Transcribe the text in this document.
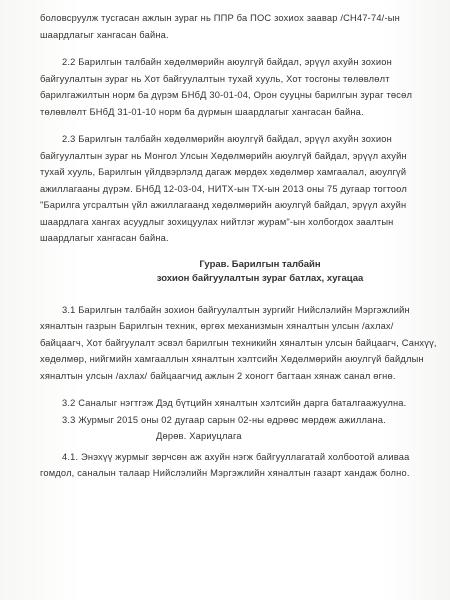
боловсруулж тусгасан ажлын зураг нь ППР ба ПОС зохиох заавар /СН47-74/-ын
шаардлагыг хангасан байна.
2.2 Барилгын талбайн хөдөлмөрийн аюулгүй байдал, эрүүл ахуйн зохион
байгуулалтын зураг нь Хот байгуулалтын тухай хууль, Хот тосгоны төлөвлөлт
барилгажилтын норм ба дүрэм БНбД 30-01-04, Орон сууцны барилгын зураг төсөл
төлөвлөлт БНбД 31-01-10 норм ба дүрмын шаардлагыг хангасан байна.
2.3 Барилгын талбайн хөдөлмөрийн аюулгүй байдал, эрүүл ахуйн зохион
байгуулалтын зураг нь Монгол Улсын Хөдөлмөрийн аюулгүй байдал, эрүүл ахуйн
тухай хууль, Барилгын үйлдвэрлэлд дагаж мөрдөх хөдөлмөр хамгаалал, аюулгүй
ажиллагааны дүрэм. БНбД 12-03-04, НИТХ-ын ТХ-ын 2013 оны 75 дугаар тогтоол
"Барилга угсралтын үйл ажиллагаанд хөдөлмөрийн аюулгүй байдал, эрүүл ахуйн
шаардлага хангах асуудлыг зохицуулах нийтлэг журам"-ын холбогдох заалтын
шаардлагыг хангасан байна.
Гурав. Барилгын талбайн
зохион байгуулалтын зураг батлах, хугацаа
3.1 Барилгын талбайн зохион байгуулалтын зургийг Нийслэлийн Мэргэжлийн
хяналтын газрын Барилгын техник, өргөх механизмын хяналтын улсын /ахлах/
байцаагч, Хот байгуулалт эсвэл барилгын техникийн хяналтын улсын байцаагч, Санхүү,
хөдөлмөр, нийгмийн хамгааллын хяналтын хэлтсийн Хөдөлмөрийн аюулгүй байдлын
хяналтын улсын /ахлах/ байцаагчид ажлын 2 хоногт багтаан хянаж санал өгнө.
3.2 Саналыг нэгтгэж Дэд бүтцийн хяналтын хэлтсийн дарга баталгаажуулна.
3.3 Журмыг 2015 оны 02 дугаар сарын 02-ны өдрөөс мөрдөж ажиллана.
Дөрөв. Хариуцлага
4.1. Энэхүү журмыг зөрчсөн аж ахуйн нэгж байгууллагатай холбоотой аливаа
гомдол, саналын талаар Нийслэлийн Мэргэжлийн хяналтын газарт хандаж болно.
